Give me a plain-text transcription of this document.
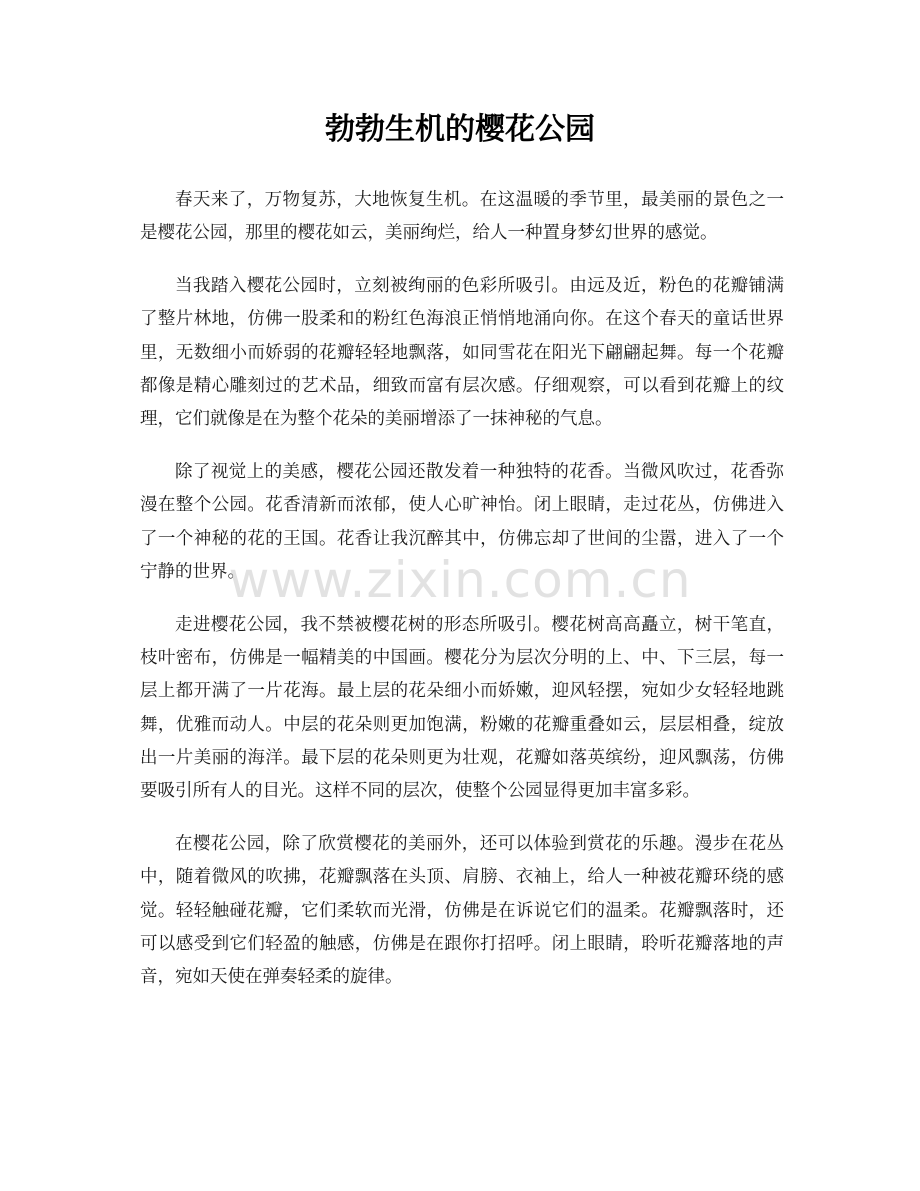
勃勃生机的樱花公园

春天来了，万物复苏，大地恢复生机。在这温暖的季节里，最美丽的景色之一是樱花公园，那里的樱花如云，美丽绚烂，给人一种置身梦幻世界的感觉。

当我踏入樱花公园时，立刻被绚丽的色彩所吸引。由远及近，粉色的花瓣铺满了整片林地，仿佛一股柔和的粉红色海浪正悄悄地涌向你。在这个春天的童话世界里，无数细小而娇弱的花瓣轻轻地飘落，如同雪花在阳光下翩翩起舞。每一个花瓣都像是精心雕刻过的艺术品，细致而富有层次感。仔细观察，可以看到花瓣上的纹理，它们就像是在为整个花朵的美丽增添了一抹神秘的气息。

除了视觉上的美感，樱花公园还散发着一种独特的花香。当微风吹过，花香弥漫在整个公园。花香清新而浓郁，使人心旷神怡。闭上眼睛，走过花丛，仿佛进入了一个神秘的花的王国。花香让我沉醉其中，仿佛忘却了世间的尘嚣，进入了一个宁静的世界。

走进樱花公园，我不禁被樱花树的形态所吸引。樱花树高高矗立，树干笔直，枝叶密布，仿佛是一幅精美的中国画。樱花分为层次分明的上、中、下三层，每一层上都开满了一片花海。最上层的花朵细小而娇嫩，迎风轻摆，宛如少女轻轻地跳舞，优雅而动人。中层的花朵则更加饱满，粉嫩的花瓣重叠如云，层层相叠，绽放出一片美丽的海洋。最下层的花朵则更为壮观，花瓣如落英缤纷，迎风飘荡，仿佛要吸引所有人的目光。这样不同的层次，使整个公园显得更加丰富多彩。

在樱花公园，除了欣赏樱花的美丽外，还可以体验到赏花的乐趣。漫步在花丛中，随着微风的吹拂，花瓣飘落在头顶、肩膀、衣袖上，给人一种被花瓣环绕的感觉。轻轻触碰花瓣，它们柔软而光滑，仿佛是在诉说它们的温柔。花瓣飘落时，还可以感受到它们轻盈的触感，仿佛是在跟你打招呼。闭上眼睛，聆听花瓣落地的声音，宛如天使在弹奏轻柔的旋律。

www.zixin.com.cn
